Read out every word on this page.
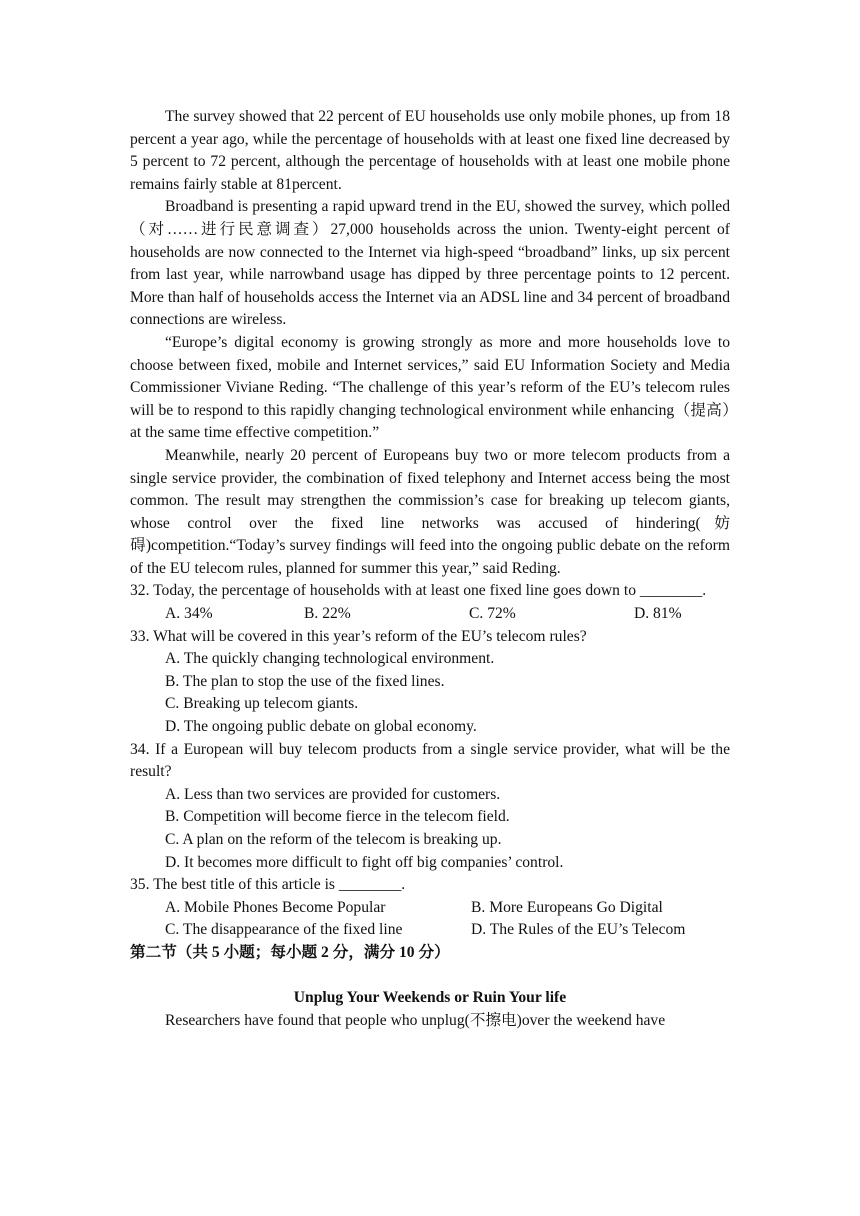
The survey showed that 22 percent of EU households use only mobile phones, up from 18 percent a year ago, while the percentage of households with at least one fixed line decreased by 5 percent to 72 percent, although the percentage of households with at least one mobile phone remains fairly stable at 81percent.

Broadband is presenting a rapid upward trend in the EU, showed the survey, which polled（对……进行民意调查）27,000 households across the union. Twenty-eight percent of households are now connected to the Internet via high-speed “broadband” links, up six percent from last year, while narrowband usage has dipped by three percentage points to 12 percent. More than half of households access the Internet via an ADSL line and 34 percent of broadband connections are wireless.

“Europe’s digital economy is growing strongly as more and more households love to choose between fixed, mobile and Internet services,” said EU Information Society and Media Commissioner Viviane Reding. “The challenge of this year’s reform of the EU’s telecom rules will be to respond to this rapidly changing technological environment while enhancing（提高）at the same time effective competition.”

Meanwhile, nearly 20 percent of Europeans buy two or more telecom products from a single service provider, the combination of fixed telephony and Internet access being the most common. The result may strengthen the commission’s case for breaking up telecom giants, whose control over the fixed line networks was accused of hindering(妨碍)competition.“Today’s survey findings will feed into the ongoing public debate on the reform of the EU telecom rules, planned for summer this year,” said Reding.

32. Today, the percentage of households with at least one fixed line goes down to ________.

A. 34%	B. 22%	C. 72%	D. 81%

33. What will be covered in this year’s reform of the EU’s telecom rules?

A. The quickly changing technological environment.

B. The plan to stop the use of the fixed lines.

C. Breaking up telecom giants.

D. The ongoing public debate on global economy.

34. If a European will buy telecom products from a single service provider, what will be the result?

A. Less than two services are provided for customers.

B. Competition will become fierce in the telecom field.

C. A plan on the reform of the telecom is breaking up.

D. It becomes more difficult to fight off big companies’ control.

35. The best title of this article is ________.

A. Mobile Phones Become Popular	B. More Europeans Go Digital
C. The disappearance of the fixed line	D. The Rules of the EU’s Telecom

第二节（共 5 小题；每小题 2 分，满分 10 分）

Unplug Your Weekends or Ruin Your life

Researchers have found that people who unplug(不擦电)over the weekend have
